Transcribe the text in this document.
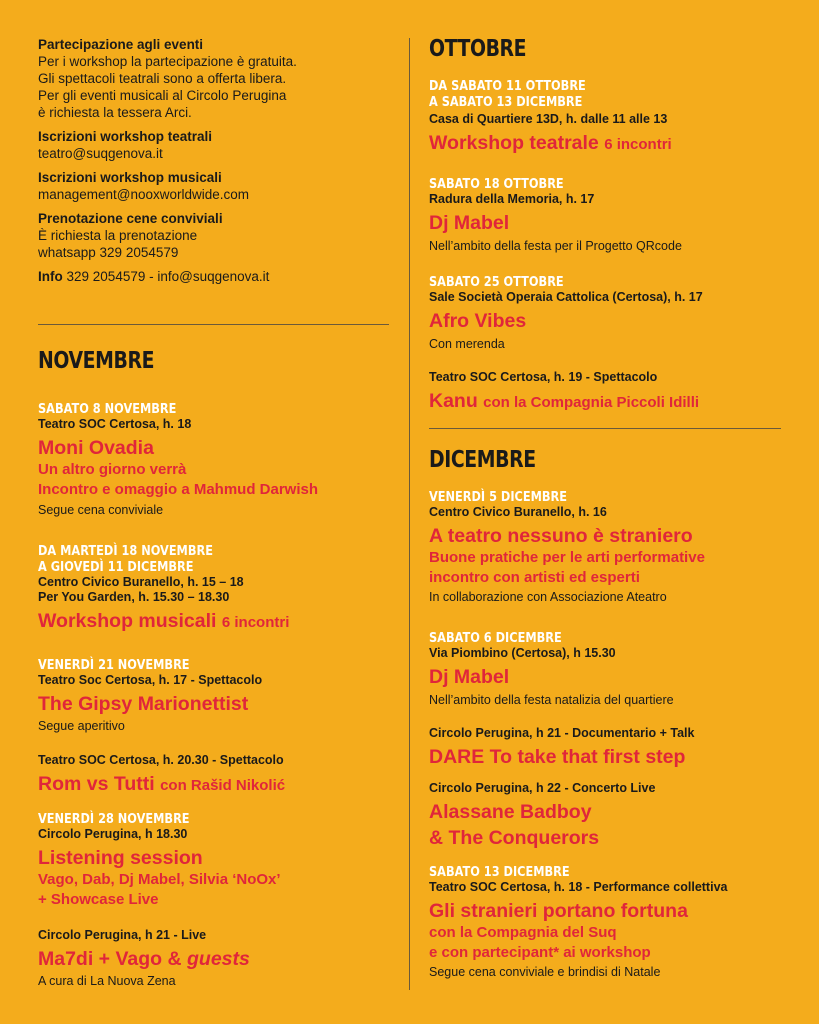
Partecipazione agli eventi
Per i workshop la partecipazione è gratuita.
Gli spettacoli teatrali sono a offerta libera.
Per gli eventi musicali al Circolo Perugina
è richiesta la tessera Arci.
Iscrizioni workshop teatrali
teatro@suqgenova.it
Iscrizioni workshop musicali
management@nooxworldwide.com
Prenotazione cene conviviali
È richiesta la prenotazione
whatsapp 329 2054579
Info 329 2054579 - info@suqgenova.it
NOVEMBRE
SABATO 8 NOVEMBRE
Teatro SOC Certosa, h. 18
Moni Ovadia
Un altro giorno verrà
Incontro e omaggio a Mahmud Darwish
Segue cena conviviale
DA MARTEDÌ 18 NOVEMBRE
A GIOVEDÌ 11 DICEMBRE
Centro Civico Buranello, h. 15 – 18
Per You Garden, h. 15.30 – 18.30
Workshop musicali 6 incontri
VENERDÌ 21 NOVEMBRE
Teatro Soc Certosa, h. 17 - Spettacolo
The Gipsy Marionettist
Segue aperitivo
Teatro SOC Certosa, h. 20.30 - Spettacolo
Rom vs Tutti con Rašid Nikolić
VENERDÌ 28 NOVEMBRE
Circolo Perugina, h 18.30
Listening session
Vago, Dab, Dj Mabel, Silvia ‘NoOx’
+ Showcase Live
Circolo Perugina, h 21 - Live
Ma7di + Vago & guests
A cura di La Nuova Zena
OTTOBRE
DA SABATO 11 OTTOBRE
A SABATO 13 DICEMBRE
Casa di Quartiere 13D, h. dalle 11 alle 13
Workshop teatrale 6 incontri
SABATO 18 OTTOBRE
Radura della Memoria, h. 17
Dj Mabel
Nell’ambito della festa per il Progetto QRcode
SABATO 25 OTTOBRE
Sale Società Operaia Cattolica (Certosa), h. 17
Afro Vibes
Con merenda
Teatro SOC Certosa, h. 19 - Spettacolo
Kanu con la Compagnia Piccoli Idilli
DICEMBRE
VENERDÌ 5 DICEMBRE
Centro Civico Buranello, h. 16
A teatro nessuno è straniero
Buone pratiche per le arti performative
incontro con artisti ed esperti
In collaborazione con Associazione Ateatro
SABATO 6 DICEMBRE
Via Piombino (Certosa), h 15.30
Dj Mabel
Nell’ambito della festa natalizia del quartiere
Circolo Perugina, h 21 - Documentario + Talk
DARE To take that first step
Circolo Perugina, h 22 - Concerto Live
Alassane Badboy
& The Conquerors
SABATO 13 DICEMBRE
Teatro SOC Certosa, h. 18 - Performance collettiva
Gli stranieri portano fortuna
con la Compagnia del Suq
e con partecipant* ai workshop
Segue cena conviviale e brindisi di Natale
